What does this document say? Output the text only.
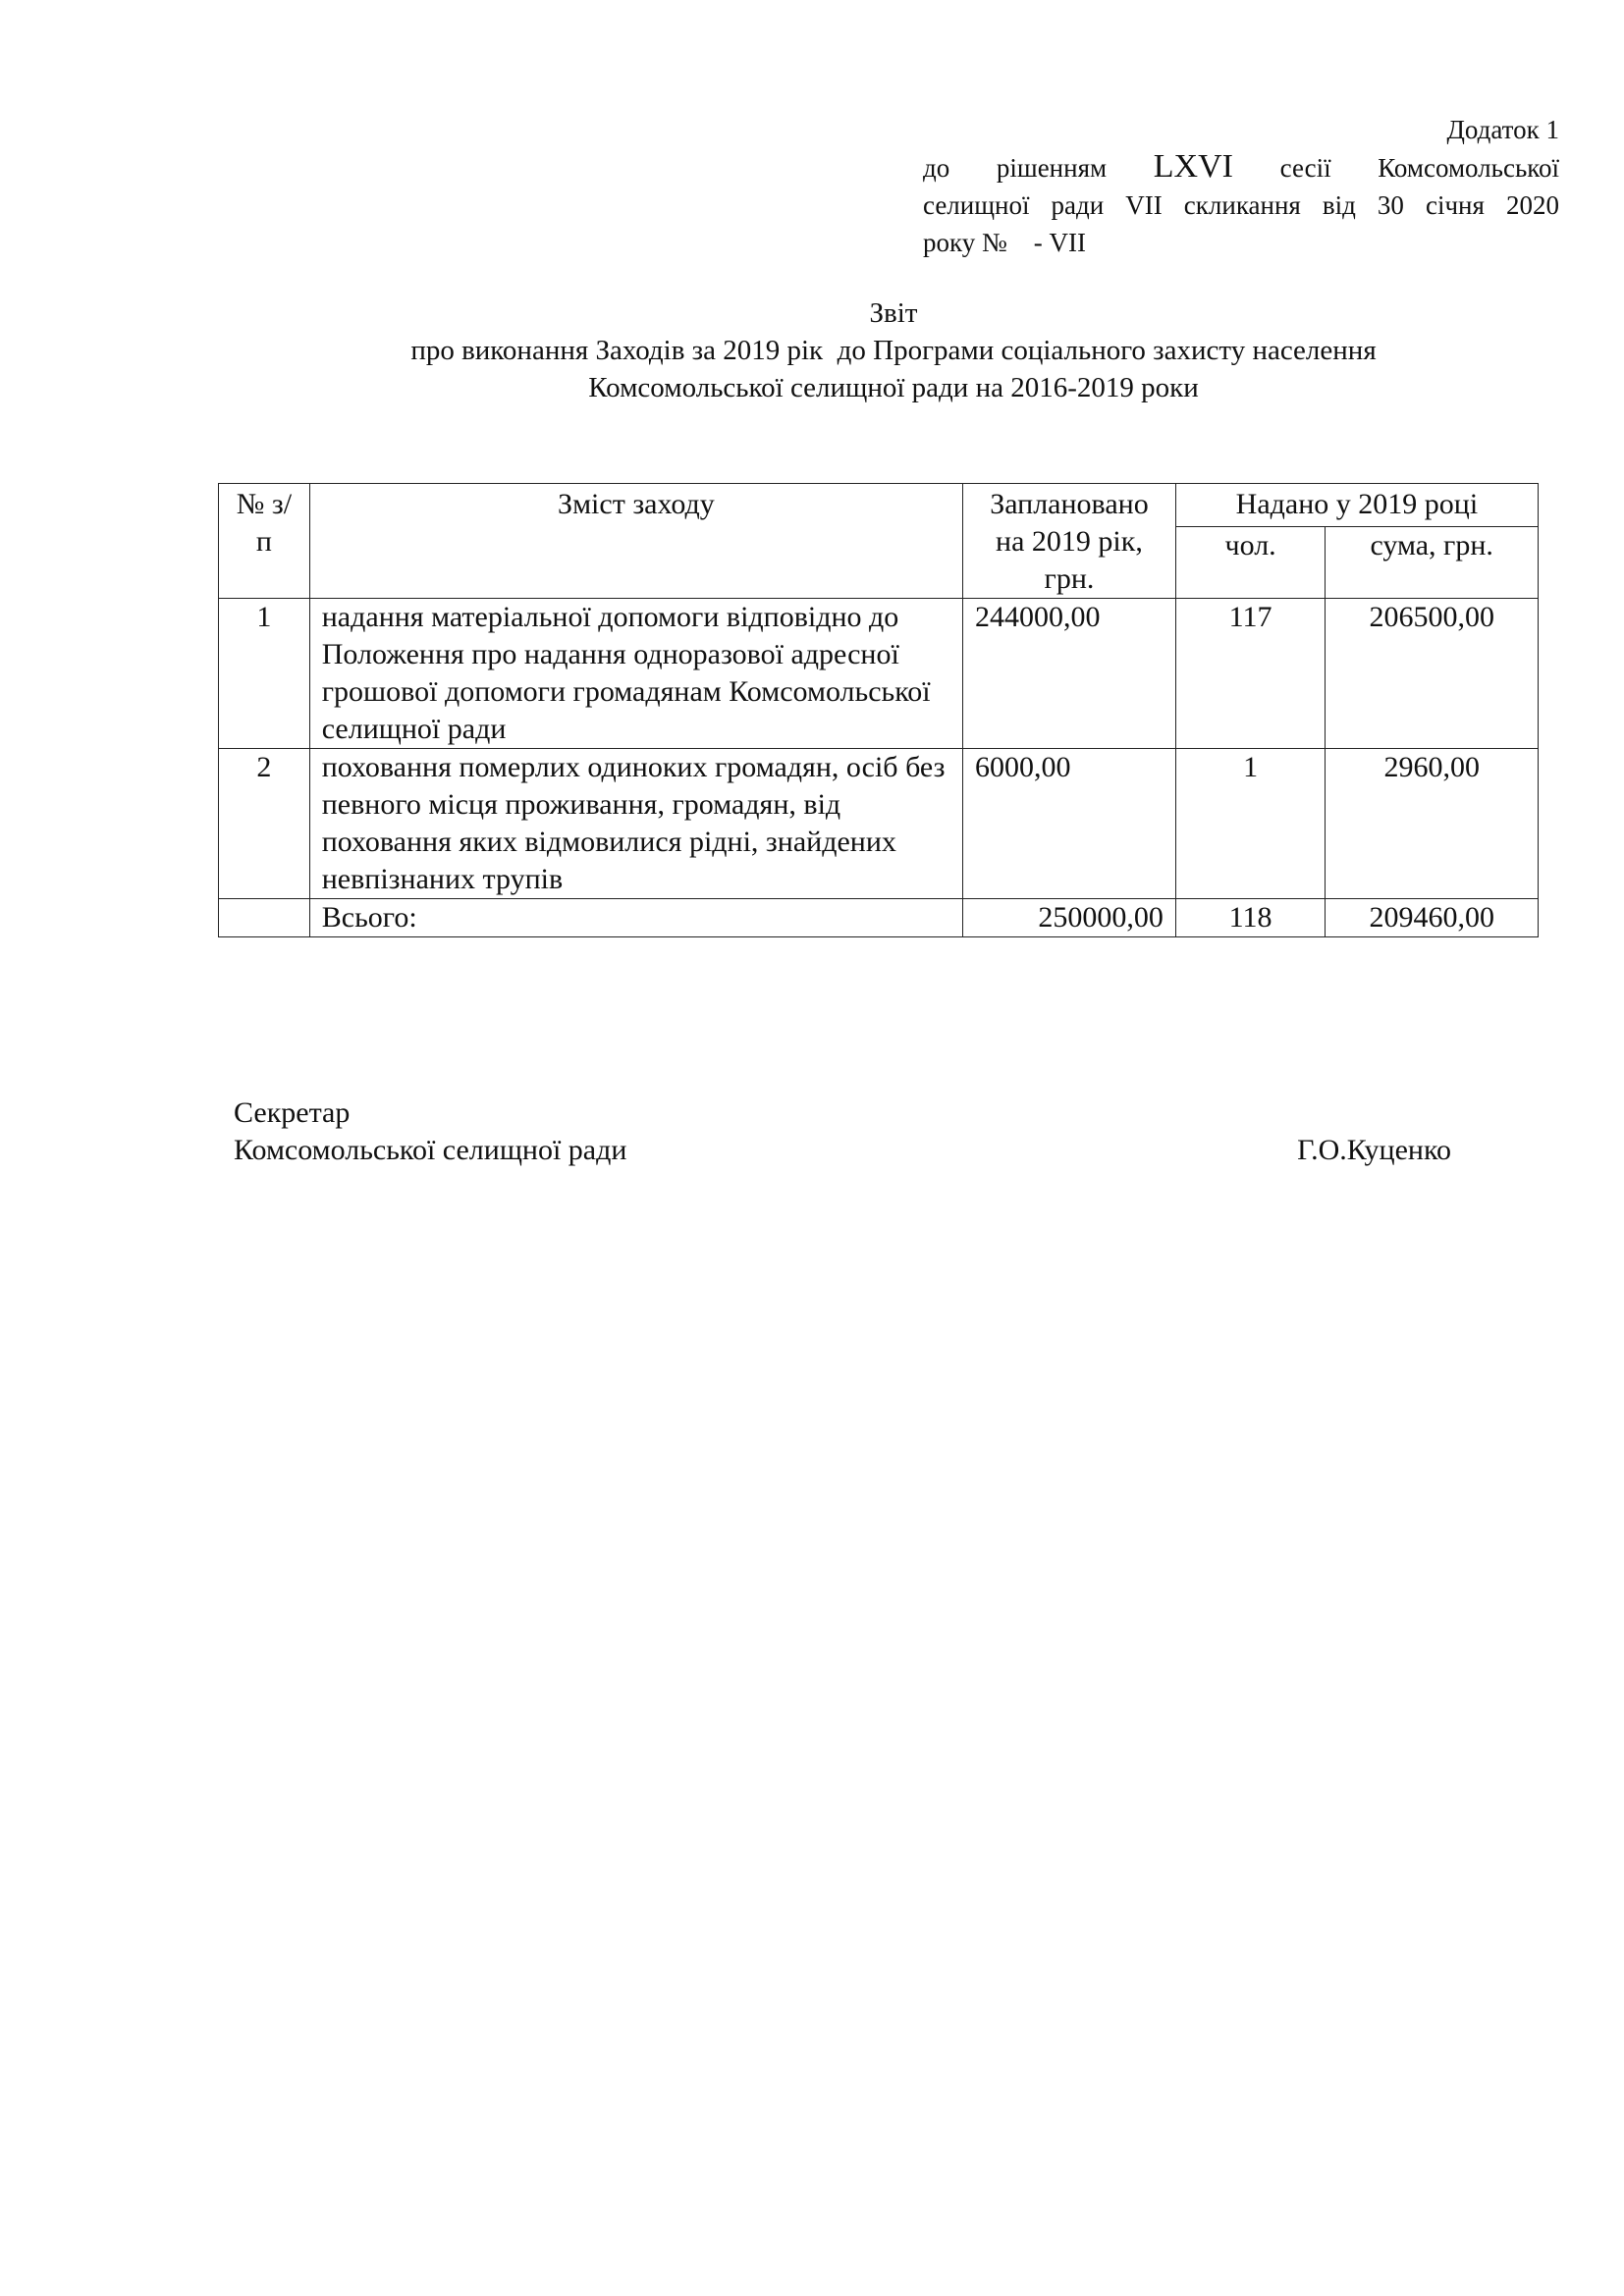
Додаток 1
до рішенням LXVI сесії Комсомольської
селищної ради VII скликання від 30 січня 2020
року №    - VII
Звіт
про виконання Заходів за 2019 рік  до Програми соціального захисту населення
Комсомольської селищної ради на 2016-2019 роки
№ з/п	Зміст заходу	Заплановано на 2019 рік, грн.	Надано у 2019 році	
			чол.	сума, грн.
1	надання матеріальної допомоги відповідно до Положення про надання одноразової адресної грошової допомоги громадянам Комсомольської селищної ради	244000,00	117	206500,00
2	поховання померлих одиноких громадян, осіб без певного місця проживання, громадян, від поховання яких відмовилися рідні, знайдених невпізнаних трупів	6000,00	1	2960,00
	Всього:	250000,00	118	209460,00
Секретар
Комсомольської селищної ради	Г.О.Куценко
